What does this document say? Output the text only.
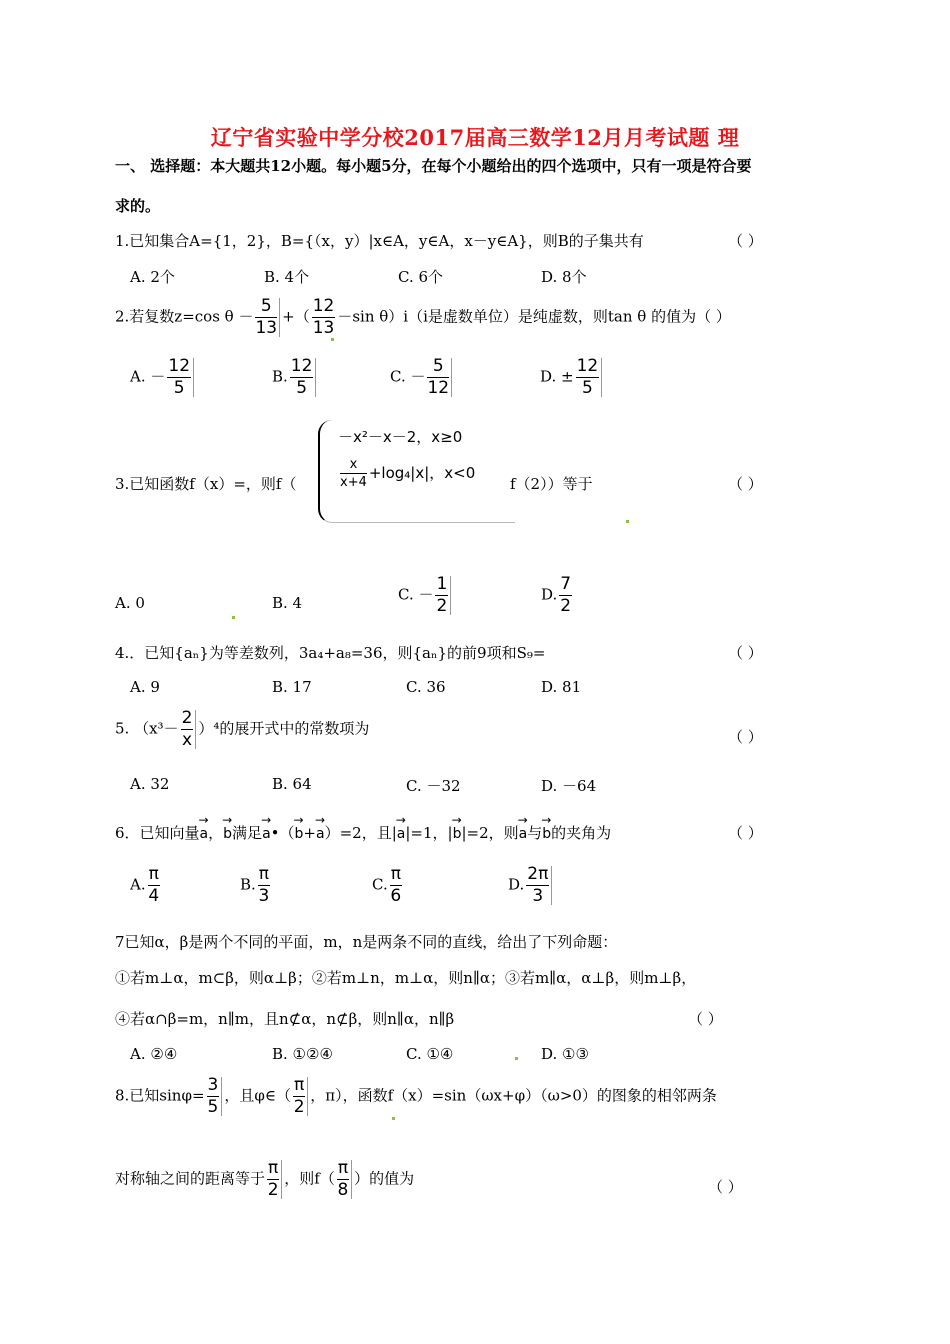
辽宁省实验中学分校2017届高三数学12月月考试题 理
一、 选择题：本大题共12小题。每小题5分，在每个小题给出的四个选项中，只有一项是符合要
求的。
1.已知集合A={1，2}，B={（x，y）|x∈A，y∈A，x－y∈A}，则B的子集共有	（ ）
A. 2个	B. 4个	C. 6个	D. 8个
2.若复数z=cos $\theta - \frac{5}{13}$ +（ $\frac{12}{13} -\sin$ θ）i（i是虚数单位）是纯虚数，则tan θ 的值为（ ）
A. － $\frac{12}{5}$	B. $\frac{12}{5}$	C. － $\frac{5}{12}$	D. ± $\frac{12}{5}$
－x²－x－2，x≥0
$\frac{x}{x+4} +\log_4|x|$，x<0
3.已知函数f（x）=，则f（	f（2））等于	（ ）
A. 0	B. 4	C. － $\frac{1}{2}$	D. $\frac{7}{2}$
4.．已知{aₙ}为等差数列，3a₄+a₈=36，则{aₙ}的前9项和S₉=	（ ）
A. 9	B. 17	C. 36	D. 81
5. $(x^3- \frac{2}{x} )^4$的展开式中的常数项为	（ ）
A. 32	B. 64	C. －32	D. －64
6．已知向量→ a，→ b满足→ a•（→ b+→ a）=2，且|→ a|=1，|→ b|=2，则→ a与→ b的夹角为	（ ）
A. $\frac{\pi}{4}$	B. $\frac{\pi}{3}$	C. $\frac{\pi}{6}$	D. $\frac{2\pi}{3}$
7已知α，β是两个不同的平面，m，n是两条不同的直线，给出了下列命题：
①若m⊥α，m⊂β，则α⊥β；②若m⊥n，m⊥α，则n∥α；③若m∥α，α⊥β，则m⊥β，
④若α∩β=m，n∥m，且n⊄α，n⊄β，则n∥α，n∥β	（ ）
A. ②④	B. ①②④	C. ①④	D. ①③
8.已知$\sin\varphi= \frac{3}{5}$ ，且φ∈（ $\frac{\pi}{2}$ ，π），函数f（x）=sin（ωx+φ）（ω>0）的图象的相邻两条
对称轴之间的距离等于 $\frac{\pi}{2}$ ，则$f( \frac{\pi}{8}$ ）的值为	（ ）
